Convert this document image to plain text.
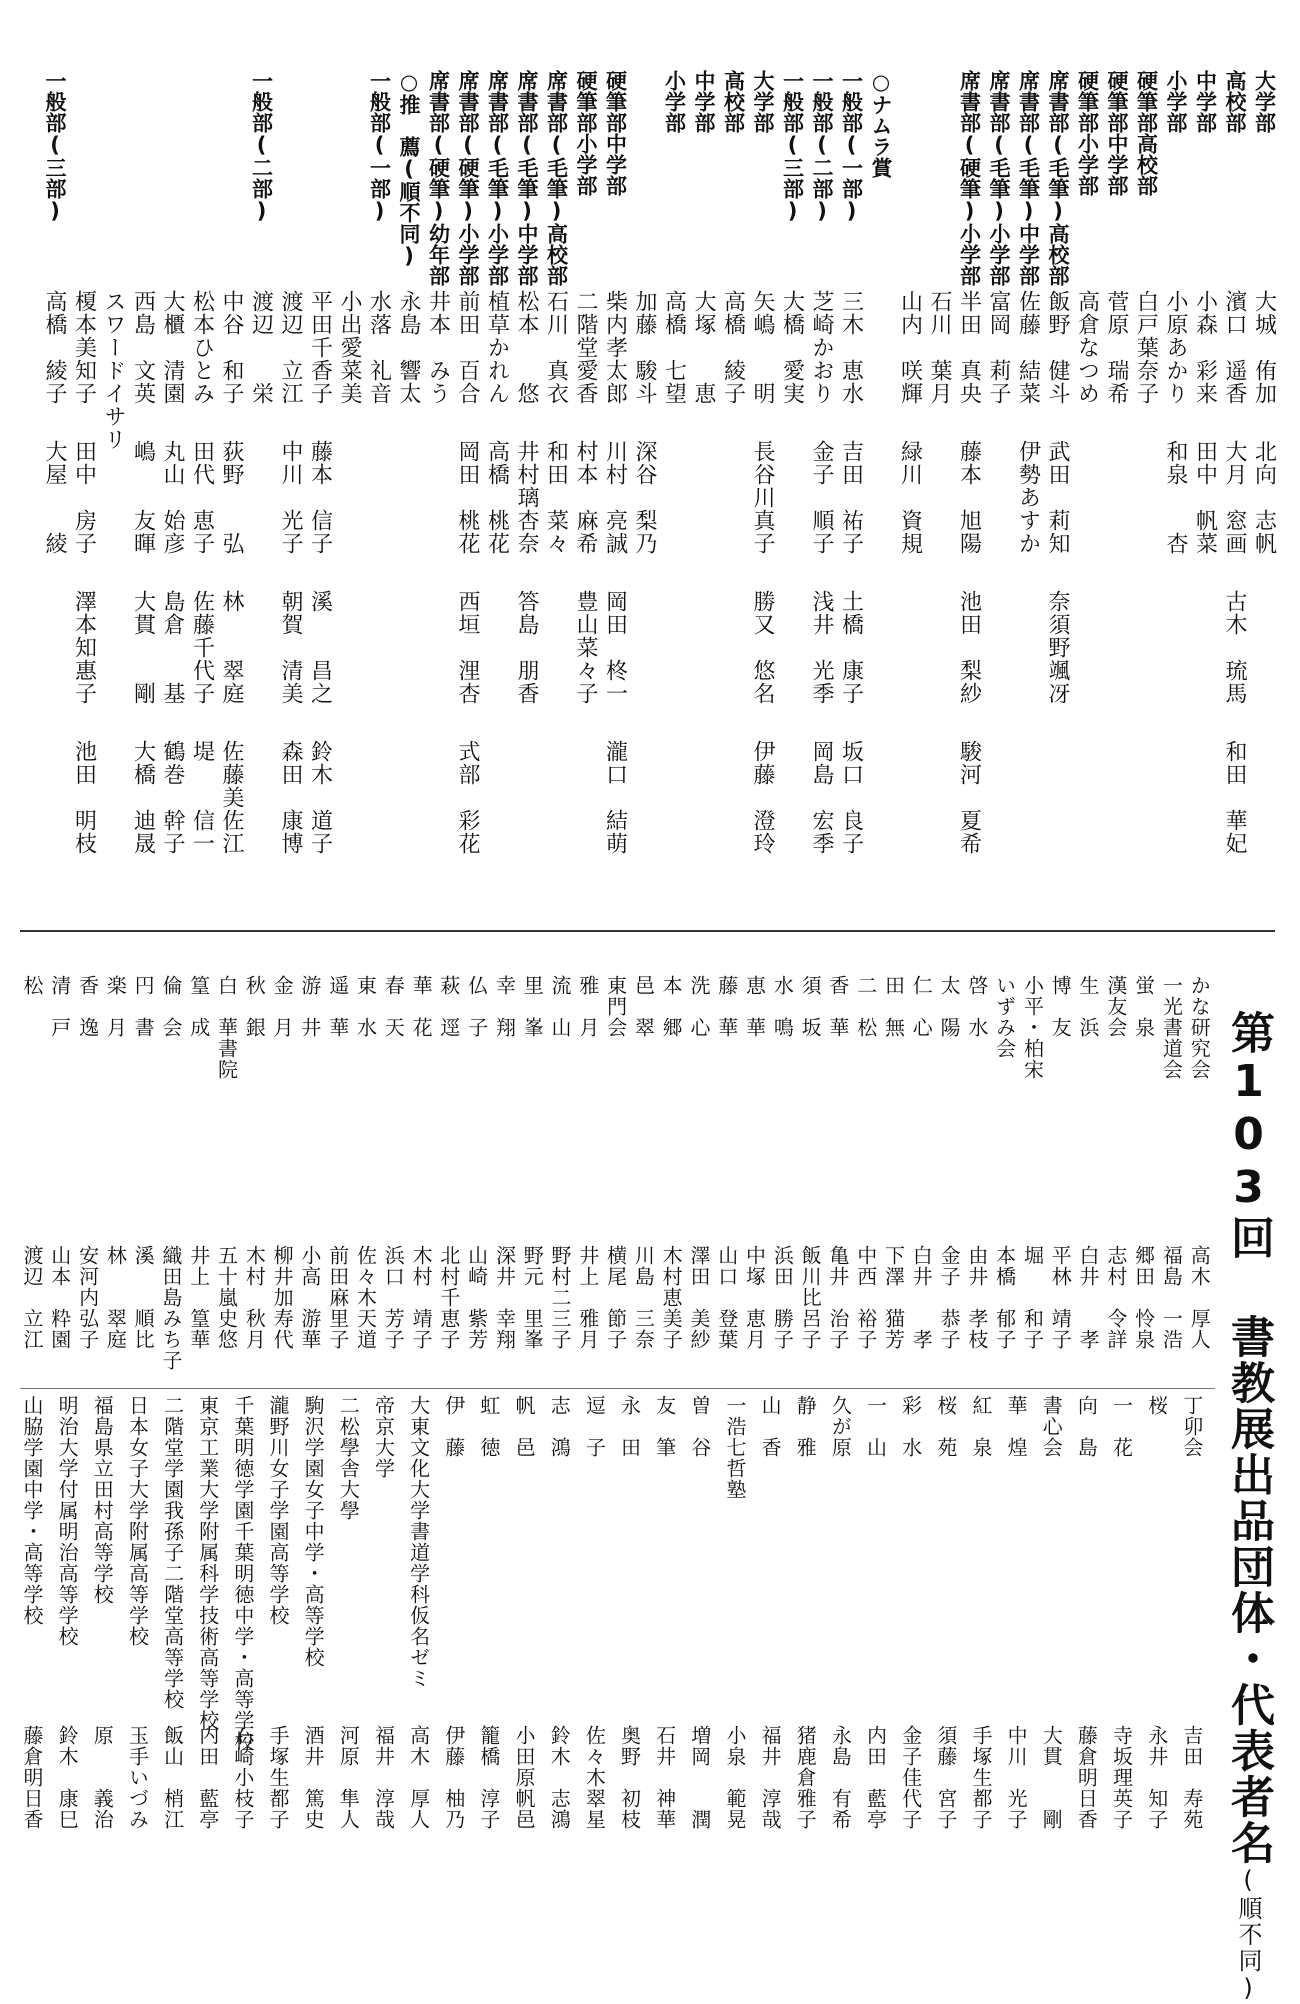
大学部
大城　侑加
北向　志帆
高校部
濱口　遥香
大月　窓画
古木　琉馬
和田　華妃
中学部
小森　彩来
田中　帆菜
小学部
小原あかり
和泉　　杏
硬筆部高校部
白戸葉奈子
硬筆部中学部
菅原　瑞希
硬筆部小学部
高倉なつめ
席書部(毛筆)高校部
飯野　健斗
武田　莉知
奈須野颯冴
席書部(毛筆)中学部
佐藤　結菜
伊勢あすか
席書部(毛筆)小学部
富岡　莉子
席書部(硬筆)小学部
半田　真央
藤本　旭陽
池田　梨紗
駿河　夏希
石川　葉月
山内　咲輝
緑川　資規
○ナムラ賞
一般部(一部)
三木　恵水
吉田　祐子
土橋　康子
坂口　良子
一般部(二部)
芝崎かおり
金子　順子
浅井　光季
岡島　宏季
一般部(三部)
大橋　愛実
大学部
矢嶋　　明
長谷川真子
勝又　悠名
伊藤　澄玲
高校部
高橋　綾子
中学部
大塚　　恵
小学部
高橋　七望
加藤　駿斗
深谷　梨乃
硬筆部中学部
柴内孝太郎
川村　亮誠
岡田　柊一
瀧口　結萌
硬筆部小学部
二階堂愛香
村本　麻希
豊山菜々子
席書部(毛筆)高校部
石川　真衣
和田　菜々
席書部(毛筆)中学部
松本　　悠
井村璃杏奈
答島　朋香
席書部(毛筆)小学部
植草かれん
高橋　桃花
席書部(硬筆)小学部
前田　百合
岡田　桃花
西垣　浬杏
式部　彩花
席書部(硬筆)幼年部
井本　みう
○推　薦(順不同)
永島　響太
一般部(一部)
水落　礼音
小出愛菜美
平田千香子
藤本　信子
溪　　昌之
鈴木　道子
渡辺　立江
中川　光子
朝賀　清美
森田　康博
一般部(二部)
渡辺　　栄
中谷　和子
荻野　　弘
林　　翠庭
佐藤美佐江
松本ひとみ
田代　恵子
佐藤千代子
堤　　信一
大櫃　清園
丸山　始彦
島倉　　基
鶴巻　幹子
西島　文英
嶋　　友暉
大貫　　剛
大橋　迪晟
スワードイサリ
榎本美知子
田中　房子
澤本知惠子
池田　明枝
一般部(三部)
高橋　綾子
大屋　　綾
第103回 書教展出品団体・代表者名(順不同)
かな研究会
高木　厚人
一光書道会
福島　一浩
蛍　泉
郷田　怜泉
漢友会
志村　令詳
生　浜
白井　　孝
博　友
平林　靖子
小平・柏宋
堀　　和子
いずみ会
本橋　郁子
啓　水
由井　孝枝
太　陽
金子　恭子
仁　心
白井　　孝
田　無
下澤　猫芳
二　松
中西　裕子
香　華
亀井　治子
須　坂
飯川比呂子
水　鳴
浜田　勝子
恵　華
中塚　恵月
藤　華
山口　登葉
洗　心
澤田　美紗
本　郷
木村恵美子
邑　翠
川島　三奈
東門会
横尾　節子
雅　月
井上　雅月
流　山
野村二三子
里　峯
野元　里峯
幸　翔
深井　幸翔
仏　子
山崎　紫芳
萩　逕
北村千恵子
華　花
木村　靖子
春　天
浜口　芳子
東　水
佐々木天道
遥　華
前田麻里子
游　井
小高　游華
金　月
柳井加寿代
秋　銀
木村　秋月
白　華書院
五十嵐史悠
篁　成
井上　篁華
倫　会
織田島みち子
円　書
溪　　順比
楽　月
林　　翠庭
香　逸
安河内弘子
清　戸
山本　粋園
松　
渡辺　立江
丁卯会
吉田　寿苑
桜
永井　知子
一　花
寺坂理英子
向　島
藤倉明日香
書心会
大貫　　剛
華　煌
中川　光子
紅　泉
手塚生都子
桜　苑
須藤　宮子
彩　水
金子佳代子
一　山
内田　藍亭
久が原
永島　有希
静　雅
猪鹿倉雅子
山　香
福井　淳哉
一浩七哲塾
小泉　範晃
曽　谷
増岡　　潤
友　筆
石井　神華
永　田
奥野　初枝
逗　子
佐々木翠星
志　鴻
鈴木　志鴻
帆　邑
小田原帆邑
虹　徳
籠橋　淳子
伊　藤
伊藤　柚乃
大東文化大学書道学科仮名ゼミ
高木　厚人
帝京大学
福井　淳哉
二松學舎大學
河原　隼人
駒沢学園女子中学・高等学校
酒井　篤史
瀧野川女子学園高等学校
手塚生都子
千葉明徳学園千葉明徳中学・高等学校
石崎小枝子
東京工業大学附属科学技術高等学校
内田　藍亭
二階堂学園我孫子二階堂高等学校
飯山　梢江
日本女子大学附属高等学校
玉手いづみ
福島県立田村高等学校
原　　義治
明治大学付属明治高等学校
鈴木　康巳
山脇学園中学・高等学校
藤倉明日香
